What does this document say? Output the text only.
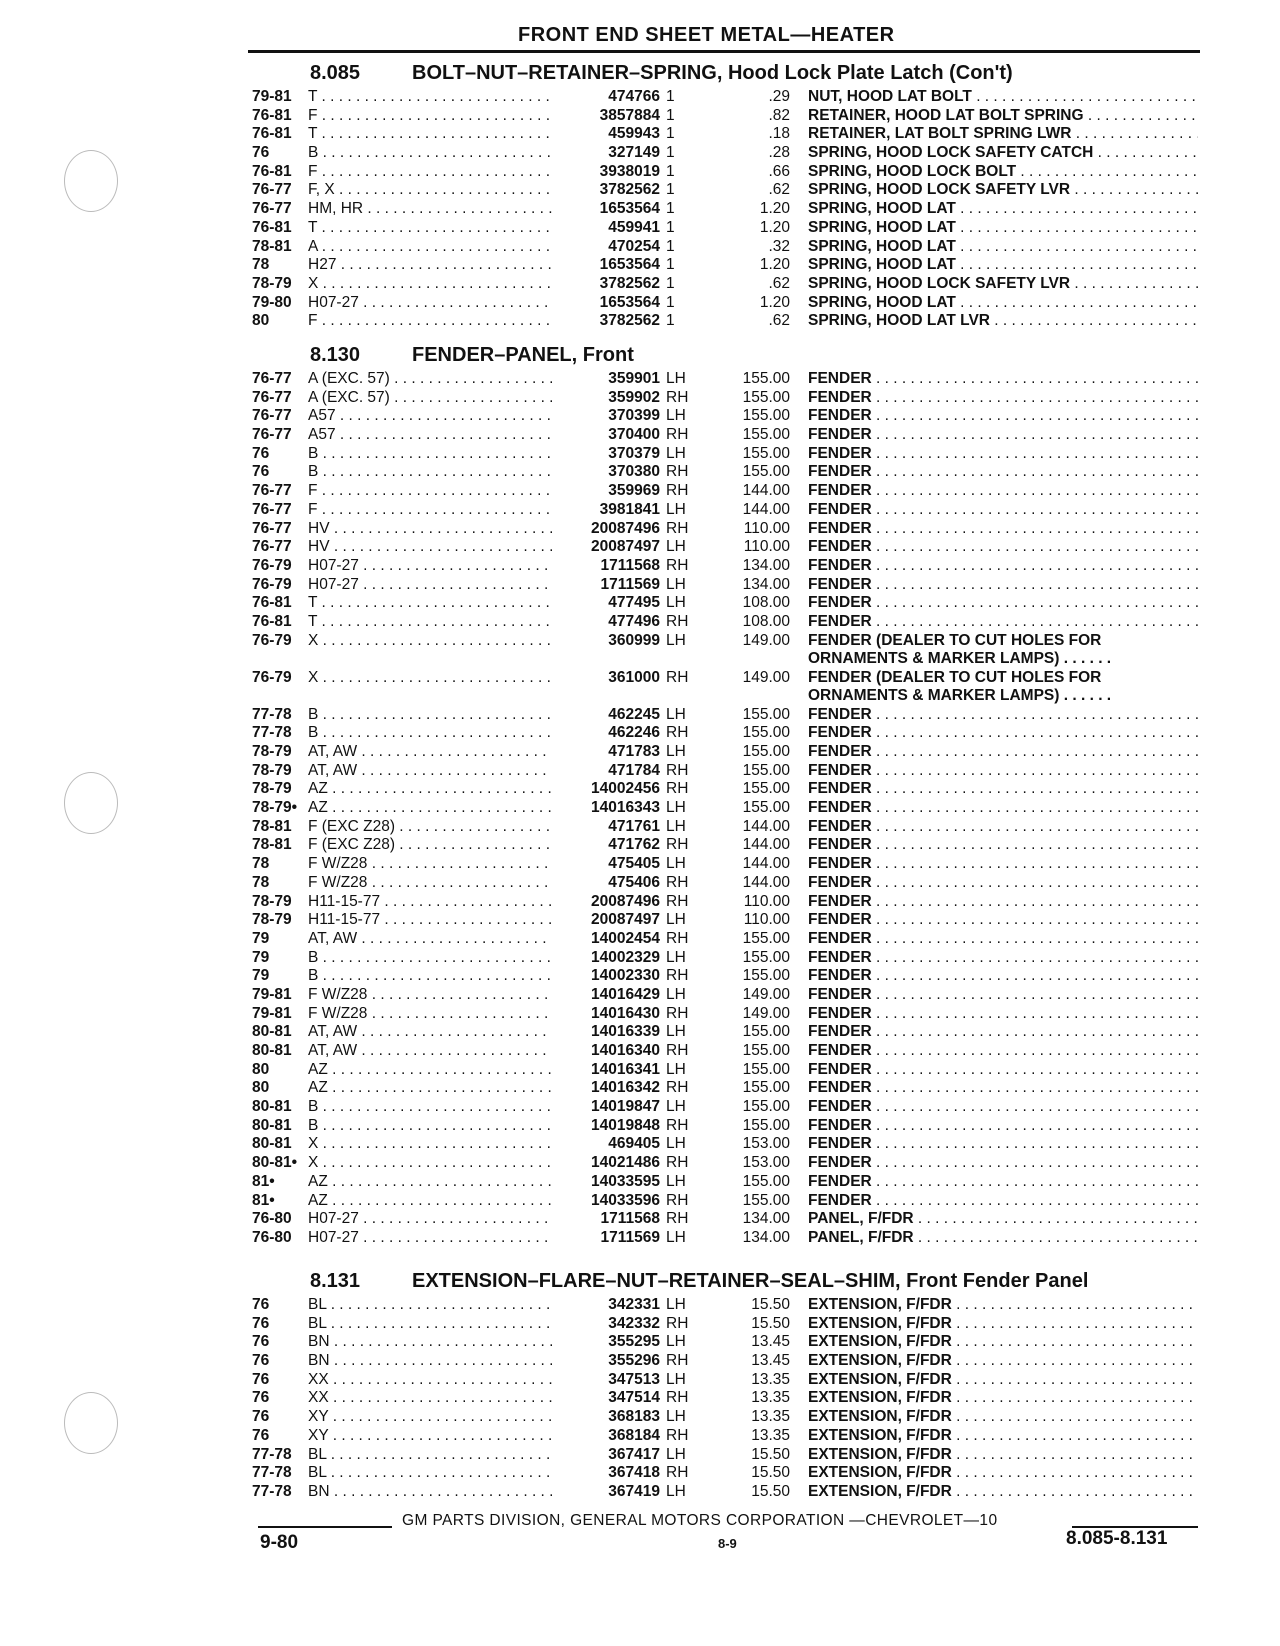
FRONT END SHEET METAL—HEATER
8.085	BOLT–NUT–RETAINER–SPRING, Hood Lock Plate Latch (Con't)
79-81	T . . .	474766 1	.29 NUT, HOOD LAT BOLT . . .
76-81	F . . .	3857884 1	.82 RETAINER, HOOD LAT BOLT SPRING . . .
76-81	T . . .	459943 1	.18 RETAINER, LAT BOLT SPRING LWR . . .
76	B . . .	327149 1	.28 SPRING, HOOD LOCK SAFETY CATCH . . .
76-81	F . . .	3938019 1	.66 SPRING, HOOD LOCK BOLT . . .
76-77	F, X . . .	3782562 1	.62 SPRING, HOOD LOCK SAFETY LVR . . .
76-77	HM, HR . . .	1653564 1	1.20 SPRING, HOOD LAT . . .
76-81	T . . .	459941 1	1.20 SPRING, HOOD LAT . . .
78-81	A . . .	470254 1	.32 SPRING, HOOD LAT . . .
78	H27 . . .	1653564 1	1.20 SPRING, HOOD LAT . . .
78-79	X . . .	3782562 1	.62 SPRING, HOOD LOCK SAFETY LVR . . .
79-80	H07-27 . . .	1653564 1	1.20 SPRING, HOOD LAT . . .
80	F . . .	3782562 1	.62 SPRING, HOOD LAT LVR . . .
8.130	FENDER–PANEL, Front
76-77	A (EXC. 57) . . .	359901 LH	155.00 FENDER . . .
76-77	A (EXC. 57) . . .	359902 RH	155.00 FENDER . . .
76-77	A57 . . .	370399 LH	155.00 FENDER . . .
76-77	A57 . . .	370400 RH	155.00 FENDER . . .
76	B . . .	370379 LH	155.00 FENDER . . .
76	B . . .	370380 RH	155.00 FENDER . . .
76-77	F . . .	359969 RH	144.00 FENDER . . .
76-77	F . . .	3981841 LH	144.00 FENDER . . .
76-77	HV . . .	20087496 RH	110.00 FENDER . . .
76-77	HV . . .	20087497 LH	110.00 FENDER . . .
76-79	H07-27 . . .	1711568 RH	134.00 FENDER . . .
76-79	H07-27 . . .	1711569 LH	134.00 FENDER . . .
76-81	T . . .	477495 LH	108.00 FENDER . . .
76-81	T . . .	477496 RH	108.00 FENDER . . .
76-79	X . . .	360999 LH	149.00 FENDER (DEALER TO CUT HOLES FOR ORNAMENTS & MARKER LAMPS) . . . . . .
76-79	X . . .	361000 RH	149.00 FENDER (DEALER TO CUT HOLES FOR ORNAMENTS & MARKER LAMPS) . . . . . .
77-78	B . . .	462245 LH	155.00 FENDER . . .
77-78	B . . .	462246 RH	155.00 FENDER . . .
78-79	AT, AW . . .	471783 LH	155.00 FENDER . . .
78-79	AT, AW . . .	471784 RH	155.00 FENDER . . .
78-79	AZ . . .	14002456 RH	155.00 FENDER . . .
78-79• AZ . . .	14016343 LH	155.00 FENDER . . .
78-81	F (EXC Z28) . . .	471761 LH	144.00 FENDER . . .
78-81	F (EXC Z28) . . .	471762 RH	144.00 FENDER . . .
78	F W/Z28 . . .	475405 LH	144.00 FENDER . . .
78	F W/Z28 . . .	475406 RH	144.00 FENDER . . .
78-79	H11-15-77 . . .	20087496 RH	110.00 FENDER . . .
78-79	H11-15-77 . . .	20087497 LH	110.00 FENDER . . .
79	AT, AW . . .	14002454 RH	155.00 FENDER . . .
79	B . . .	14002329 LH	155.00 FENDER . . .
79	B . . .	14002330 RH	155.00 FENDER . . .
79-81	F W/Z28 . . .	14016429 LH	149.00 FENDER . . .
79-81	F W/Z28 . . .	14016430 RH	149.00 FENDER . . .
80-81	AT, AW . . .	14016339 LH	155.00 FENDER . . .
80-81	AT, AW . . .	14016340 RH	155.00 FENDER . . .
80	AZ . . .	14016341 LH	155.00 FENDER . . .
80	AZ . . .	14016342 RH	155.00 FENDER . . .
80-81	B . . .	14019847 LH	155.00 FENDER . . .
80-81	B . . .	14019848 RH	155.00 FENDER . . .
80-81	X . . .	469405 LH	153.00 FENDER . . .
80-81• X . . .	14021486 RH	153.00 FENDER . . .
81•	AZ . . .	14033595 LH	155.00 FENDER . . .
81•	AZ . . .	14033596 RH	155.00 FENDER . . .
76-80	H07-27 . . .	1711568 RH	134.00 PANEL, F/FDR . . .
76-80	H07-27 . . .	1711569 LH	134.00 PANEL, F/FDR . . .
8.131	EXTENSION–FLARE–NUT–RETAINER–SEAL–SHIM, Front Fender Panel
76	BL . . .	342331 LH	15.50 EXTENSION, F/FDR . . .
76	BL . . .	342332 RH	15.50 EXTENSION, F/FDR . . .
76	BN . . .	355295 LH	13.45 EXTENSION, F/FDR . . .
76	BN . . .	355296 RH	13.45 EXTENSION, F/FDR . . .
76	XX . . .	347513 LH	13.35 EXTENSION, F/FDR . . .
76	XX . . .	347514 RH	13.35 EXTENSION, F/FDR . . .
76	XY . . .	368183 LH	13.35 EXTENSION, F/FDR . . .
76	XY . . .	368184 RH	13.35 EXTENSION, F/FDR . . .
77-78	BL . . .	367417 LH	15.50 EXTENSION, F/FDR . . .
77-78	BL . . .	367418 RH	15.50 EXTENSION, F/FDR . . .
77-78	BN . . .	367419 LH	15.50 EXTENSION, F/FDR . . .
GM PARTS DIVISION, GENERAL MOTORS CORPORATION —CHEVROLET—10
9-80	8-9	8.085-8.131
